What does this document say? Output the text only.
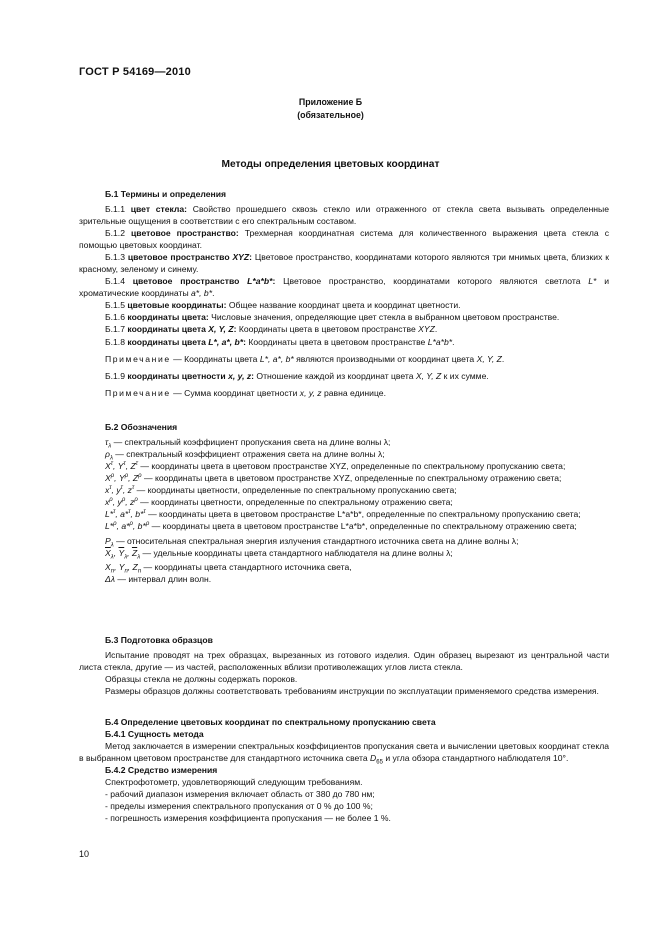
ГОСТ Р 54169—2010
Приложение Б
(обязательное)
Методы определения цветовых координат
Б.1 Термины и определения
Б.1.1 цвет стекла: Свойство прошедшего сквозь стекло или отраженного от стекла света вызывать определенные зрительные ощущения в соответствии с его спектральным составом.
Б.1.2 цветовое пространство: Трехмерная координатная система для количественного выражения цвета стекла с помощью цветовых координат.
Б.1.3 цветовое пространство XYZ: Цветовое пространство, координатами которого являются три мнимых цвета, близких к красному, зеленому и синему.
Б.1.4 цветовое пространство L*a*b*: Цветовое пространство, координатами которого являются светлота L* и хроматические координаты a*, b*.
Б.1.5 цветовые координаты: Общее название координат цвета и координат цветности.
Б.1.6 координаты цвета: Числовые значения, определяющие цвет стекла в выбранном цветовом пространстве.
Б.1.7 координаты цвета X, Y, Z: Координаты цвета в цветовом пространстве XYZ.
Б.1.8 координаты цвета L*, a*, b*: Координаты цвета в цветовом пространстве L*a*b*.
Примечание — Координаты цвета L*, a*, b* являются производными от координат цвета X, Y, Z.
Б.1.9 координаты цветности x, y, z: Отношение каждой из координат цвета X, Y, Z к их сумме.
Примечание — Сумма координат цветности x, y, z равна единице.
Б.2 Обозначения
$\tau_\lambda$ — спектральный коэффициент пропускания света на длине волны λ;
$\rho_\lambda$ — спектральный коэффициент отражения света на длине волны λ;
$X^\tau$, $Y^\tau$, $Z^\tau$ — координаты цвета в цветовом пространстве XYZ, определенные по спектральному пропусканию света;
$X^\rho$, $Y^\rho$, $Z^\rho$ — координаты цвета в цветовом пространстве XYZ, определенные по спектральному отражению света;
$x^\tau$, $y^\tau$, $z^\tau$ — координаты цветности, определенные по спектральному пропусканию света;
$x^\rho$, $y^\rho$, $z^\rho$ — координаты цветности, определенные по спектральному отражению света;
L*$^\tau$, a*$^\tau$, b*$^\tau$ — координаты цвета в цветовом пространстве L*a*b*, определенные по спектральному пропусканию света;
L*$^\rho$, a*$^\rho$, b*$^\rho$ — координаты цвета в цветовом пространстве L*a*b*, определенные по спектральному отражению света;
$P_\lambda$ — относительная спектральная энергия излучения стандартного источника света на длине волны λ;
$\overline{X}_\lambda$, $\overline{Y}_\lambda$, $\overline{Z}_\lambda$ — удельные координаты цвета стандартного наблюдателя на длине волны λ;
$X_n$, $Y_n$, $Z_n$ — координаты цвета стандартного источника света,
Δλ — интервал длин волн.
Б.3 Подготовка образцов
Испытание проводят на трех образцах, вырезанных из готового изделия. Один образец вырезают из центральной части листа стекла, другие — из частей, расположенных вблизи противолежащих углов листа стекла.
Образцы стекла не должны содержать пороков.
Размеры образцов должны соответствовать требованиям инструкции по эксплуатации применяемого средства измерения.
Б.4 Определение цветовых координат по спектральному пропусканию света
Б.4.1 Сущность метода
Метод заключается в измерении спектральных коэффициентов пропускания света и вычислении цветовых координат стекла в выбранном цветовом пространстве для стандартного источника света $D_{65}$ и угла обзора стандартного наблюдателя 10°.
Б.4.2 Средство измерения
Спектрофотометр, удовлетворяющий следующим требованиям.
- рабочий диапазон измерения включает область от 380 до 780 нм;
- пределы измерения спектрального пропускания от 0 % до 100 %;
- погрешность измерения коэффициента пропускания — не более 1 %.
10
